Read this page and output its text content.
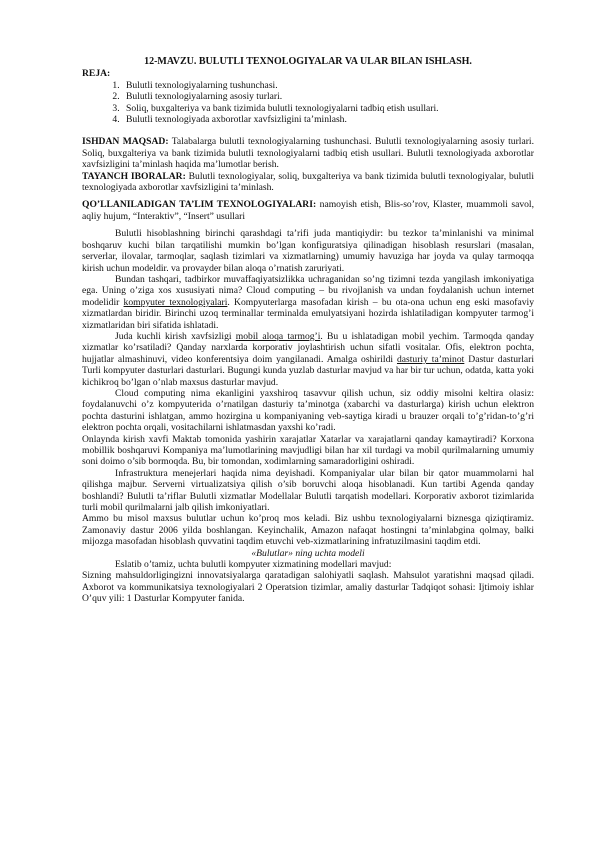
12-MAVZU. BULUTLI TEXNOLOGIYALAR VA ULAR BILAN ISHLASH.
REJA:
1. Bulutli texnologiyalarning tushunchasi.
2. Bulutli texnologiyalarning asosiy turlari.
3. Soliq, buxgalteriya va bank tizimida bulutli texnologiyalarni tadbiq etish usullari.
4. Bulutli texnologiyada axborotlar xavfsizligini ta’minlash.

ISHDAN MAQSAD: Talabalarga bulutli texnologiyalarning tushunchasi. Bulutli texnologiyalarning asosiy turlari. Soliq, buxgalteriya va bank tizimida bulutli texnologiyalarni tadbiq etish usullari. Bulutli texnologiyada axborotlar xavfsizligini ta’minlash haqida ma’lumotlar berish.

TAYANCH IBORALAR: Bulutli texnologiyalar, soliq, buxgalteriya va bank tizimida bulutli texnologiyalar, bulutli texnologiyada axborotlar xavfsizligini ta’minlash.

QO’LLANILADIGAN TA’LIM TEXNOLOGIYALARI: namoyish etish, Blis-so’rov, Klaster, muammoli savol, aqliy hujum, “Interaktiv”, “Insert” usullari

Bulutli hisoblashning birinchi qarashdagi ta’rifi juda mantiqiydir: bu tezkor ta’minlanishi va minimal boshqaruv kuchi bilan tarqatilishi mumkin bo’lgan konfiguratsiya qilinadigan hisoblash resurslari (masalan, serverlar, ilovalar, tarmoqlar, saqlash tizimlari va xizmatlarning) umumiy havuziga har joyda va qulay tarmoqqa kirish uchun modeldir. va provayder bilan aloqa o’rnatish zaruriyati.

Bundan tashqari, tadbirkor muvaffaqiyatsizlikka uchraganidan so’ng tizimni tezda yangilash imkoniyatiga ega. Uning o’ziga xos xususiyati nima? Cloud computing – bu rivojlanish va undan foydalanish uchun internet modelidir kompyuter texnologiyalari. Kompyuterlarga masofadan kirish – bu ota-ona uchun eng eski masofaviy xizmatlardan biridir. Birinchi uzoq terminallar terminalda emulyatsiyani hozirda ishlatiladigan kompyuter tarmog’i xizmatlaridan biri sifatida ishlatadi.

Juda kuchli kirish xavfsizligi mobil aloqa tarmog’i. Bu u ishlatadigan mobil yechim. Tarmoqda qanday xizmatlar ko’rsatiladi? Qanday narxlarda korporativ joylashtirish uchun sifatli vositalar. Ofis, elektron pochta, hujjatlar almashinuvi, video konferentsiya doim yangilanadi. Amalga oshirildi dasturiy ta’minot Dastur dasturlari Turli kompyuter dasturlari dasturlari. Bugungi kunda yuzlab dasturlar mavjud va har bir tur uchun, odatda, katta yoki kichikroq bo’lgan o’nlab maxsus dasturlar mavjud.

Cloud computing nima ekanligini yaxshiroq tasavvur qilish uchun, siz oddiy misolni keltira olasiz: foydalanuvchi o’z kompyuterida o’rnatilgan dasturiy ta’minotga (xabarchi va dasturlarga) kirish uchun elektron pochta dasturini ishlatgan, ammo hozirgina u kompaniyaning veb-saytiga kiradi u brauzer orqali to’g’ridan-to’g’ri elektron pochta orqali, vositachilarni ishlatmasdan yaxshi ko’radi.

Onlaynda kirish xavfi Maktab tomonida yashirin xarajatlar Xatarlar va xarajatlarni qanday kamaytiradi? Korxona mobillik boshqaruvi Kompaniya ma’lumotlarining mavjudligi bilan har xil turdagi va mobil qurilmalarning umumiy soni doimo o’sib bormoqda. Bu, bir tomondan, xodimlarning samaradorligini oshiradi.

Infrastruktura menejerlari haqida nima deyishadi. Kompaniyalar ular bilan bir qator muammolarni hal qilishga majbur. Serverni virtualizatsiya qilish o’sib boruvchi aloqa hisoblanadi. Kun tartibi Agenda qanday boshlandi? Bulutli ta’riflar Bulutli xizmatlar Modellalar Bulutli tarqatish modellari. Korporativ axborot tizimlarida turli mobil qurilmalarni jalb qilish imkoniyatlari.

Ammo bu misol maxsus bulutlar uchun ko’proq mos keladi. Biz ushbu texnologiyalarni biznesga qiziqtiramiz. Zamonaviy dastur 2006 yilda boshlangan. Keyinchalik, Amazon nafaqat hostingni ta’minlabgina qolmay, balki mijozga masofadan hisoblash quvvatini taqdim etuvchi veb-xizmatlarining infratuzilmasini taqdim etdi.

«Bulutlar» ning uchta modeli

Eslatib o’tamiz, uchta bulutli kompyuter xizmatining modellari mavjud:

Sizning mahsuldorligingizni innovatsiyalarga qaratadigan salohiyatli saqlash. Mahsulot yaratishni maqsad qiladi. Axborot va kommunikatsiya texnologiyalari 2 Operatsion tizimlar, amaliy dasturlar Tadqiqot sohasi: Ijtimoiy ishlar O’quv yili: 1 Dasturlar Kompyuter fanida.
